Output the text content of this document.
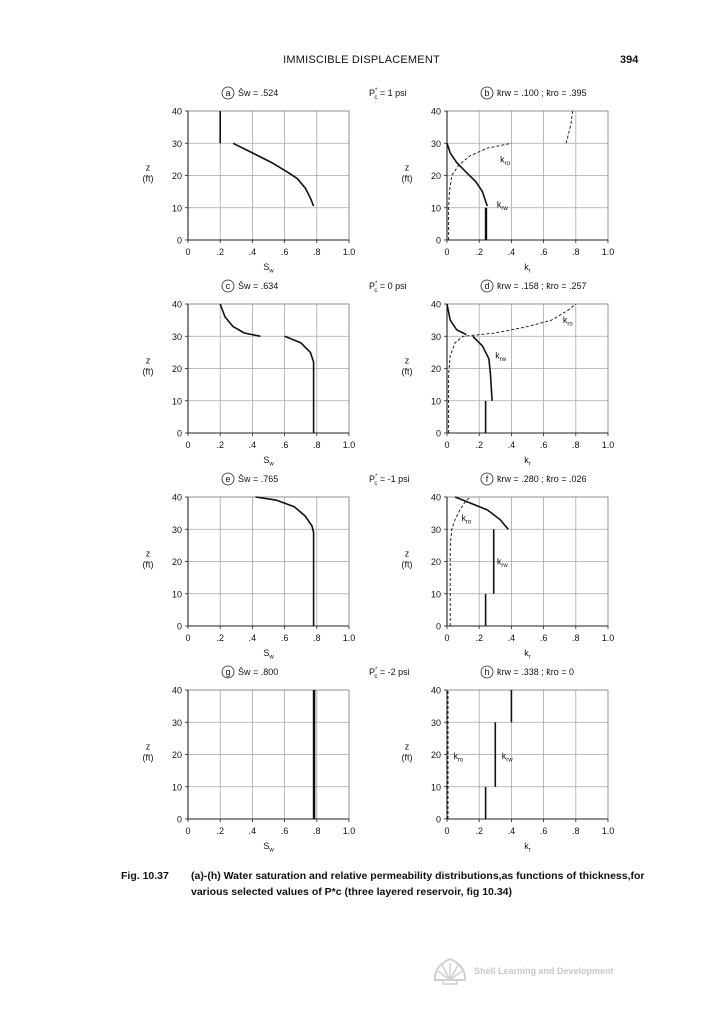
IMMISCIBLE DISPLACEMENT	394
0	.2	.4	.6	.8 1.0
0
10
20
30
40
$S_w$
z
(ft)
a S̄w = .524
0	.2	.4	.6	.8 1.0
0
10
20
30
40
$k_r$
z
(ft)
b k̄rw = .100 ; k̄ro = .395
$k_{ro}$
$k_{rw}$
0	.2	.4	.6	.8 1.0
0
10
20
30
40
$S_w$
z
(ft)
c S̄w = .634
0	.2	.4	.6	.8 1.0
0
10
20
30
40
$k_r$
z
(ft)
d k̄rw = .158 ; k̄ro = .257
$k_{ro}$
$k_{rw}$
0	.2	.4	.6	.8 1.0
0
10
20
30
40
$S_w$
z
(ft)
e S̄w = .765
0	.2	.4	.6	.8 1.0
0
10
20
30
40
$k_r$
z
(ft)
f k̄rw = .280 ; k̄ro = .026
$k_{ro}$
$k_{rw}$
0	.2	.4	.6	.8 1.0
0
10
20
30
40
$S_w$
z
(ft)
g S̄w = .800
0	.2	.4	.6	.8 1.0
0
10
20
30
40
$k_r$
z
(ft)
h k̄rw = .338 ; k̄ro = 0
$k_{ro}$	$k_{rw}$
P* c = 1 psi
P* c = 0 psi
P* c = -1 psi
P* c = -2 psi
Fig. 10.37	(a)-(h) Water saturation and relative permeability distributions,as functions of thickness,for various selected values of P*c (three layered reservoir, fig 10.34)
Shell Learning and Development
